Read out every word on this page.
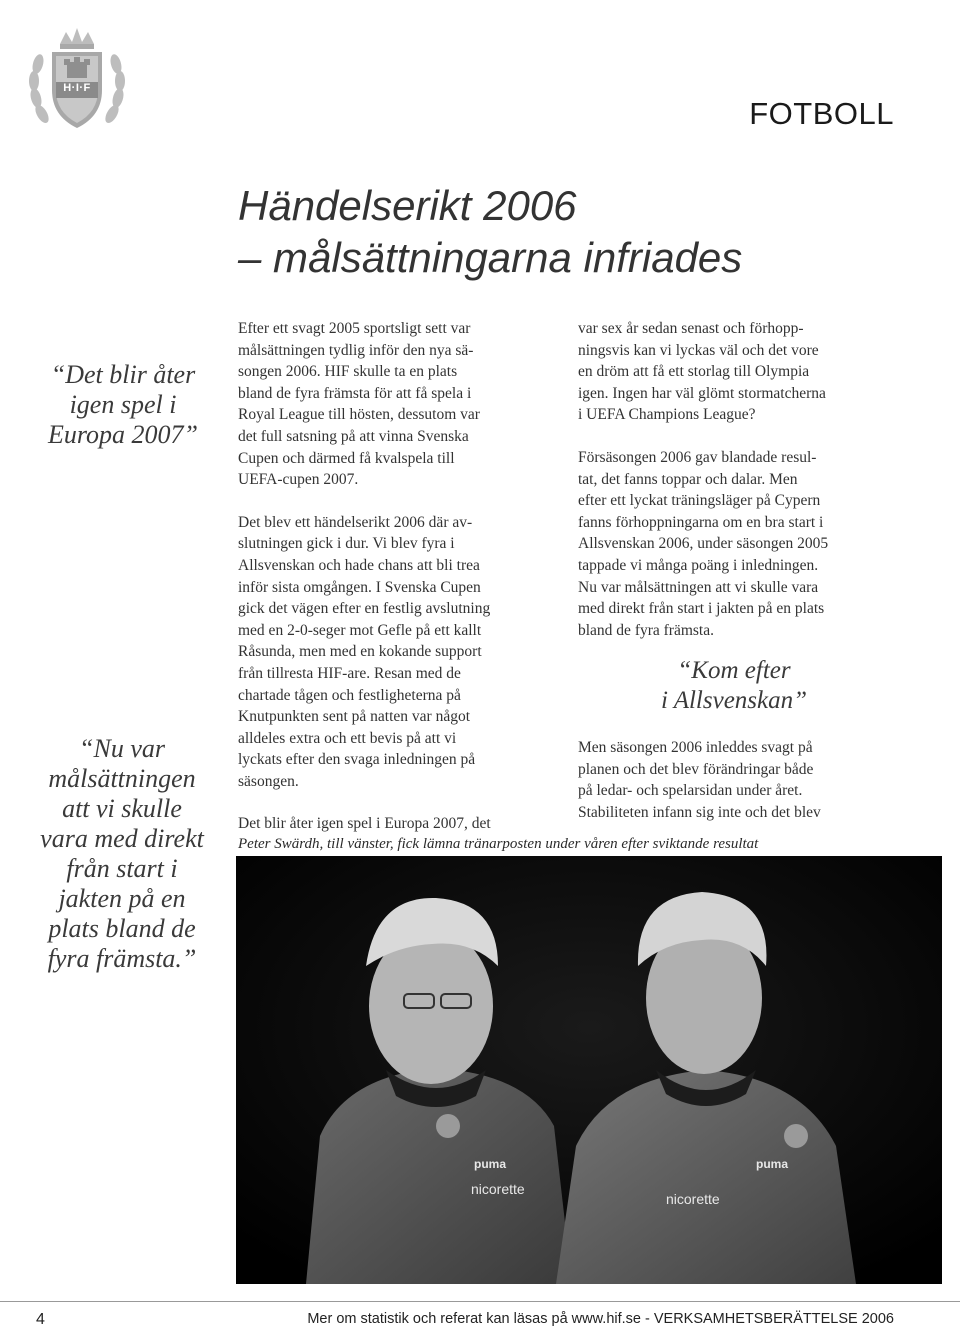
H·I·F
FOTBOLL
Händelserikt 2006
– målsättningarna infriades
“Det blir åter
igen spel i
Europa 2007”
“Nu var
målsättningen
att vi skulle
vara med direkt
från start i
jakten på en
plats bland de
fyra främsta.”
“Kom efter
i Allsvenskan”

Efter ett svagt 2005 sportsligt sett var
målsättningen tydlig inför den nya sä-
songen 2006. HIF skulle ta en plats
bland de fyra främsta för att få spela i
Royal League till hösten, dessutom var
det full satsning på att vinna Svenska
Cupen och därmed få kvalspela till
UEFA-cupen 2007.

Det blev ett händelserikt 2006 där av-
slutningen gick i dur. Vi blev fyra i
Allsvenskan och hade chans att bli trea
inför sista omgången. I Svenska Cupen
gick det vägen efter en festlig avslutning
med en 2-0-seger mot Gefle på ett kallt
Råsunda, men med en kokande support
från tillresta HIF-are. Resan med de
chartade tågen och festligheterna på
Knutpunkten sent på natten var något
alldeles extra och ett bevis på att vi
lyckats efter den svaga inledningen på
säsongen.

Det blir åter igen spel i Europa 2007, det

var sex år sedan senast och förhopp-
ningsvis kan vi lyckas väl och det vore
en dröm att få ett storlag till Olympia
igen. Ingen har väl glömt stormatcherna
i UEFA Champions League?

Försäsongen 2006 gav blandade resul-
tat, det fanns toppar och dalar. Men
efter ett lyckat träningsläger på Cypern
fanns förhoppningarna om en bra start i
Allsvenskan 2006, under säsongen 2005
tappade vi många poäng i inledningen.
Nu var målsättningen att vi skulle vara
med direkt från start i jakten på en plats
bland de fyra främsta.

Men säsongen 2006 inleddes svagt på
planen och det blev förändringar både
på ledar- och spelarsidan under året.
Stabiliteten infann sig inte och det blev

Peter Swärdh, till vänster, fick lämna tränarposten under våren efter sviktande resultat
nicorette
puma
nicorette
puma
4	Mer om statistik och referat kan läsas på www.hif.se - VERKSAMHETSBERÄTTELSE 2006
